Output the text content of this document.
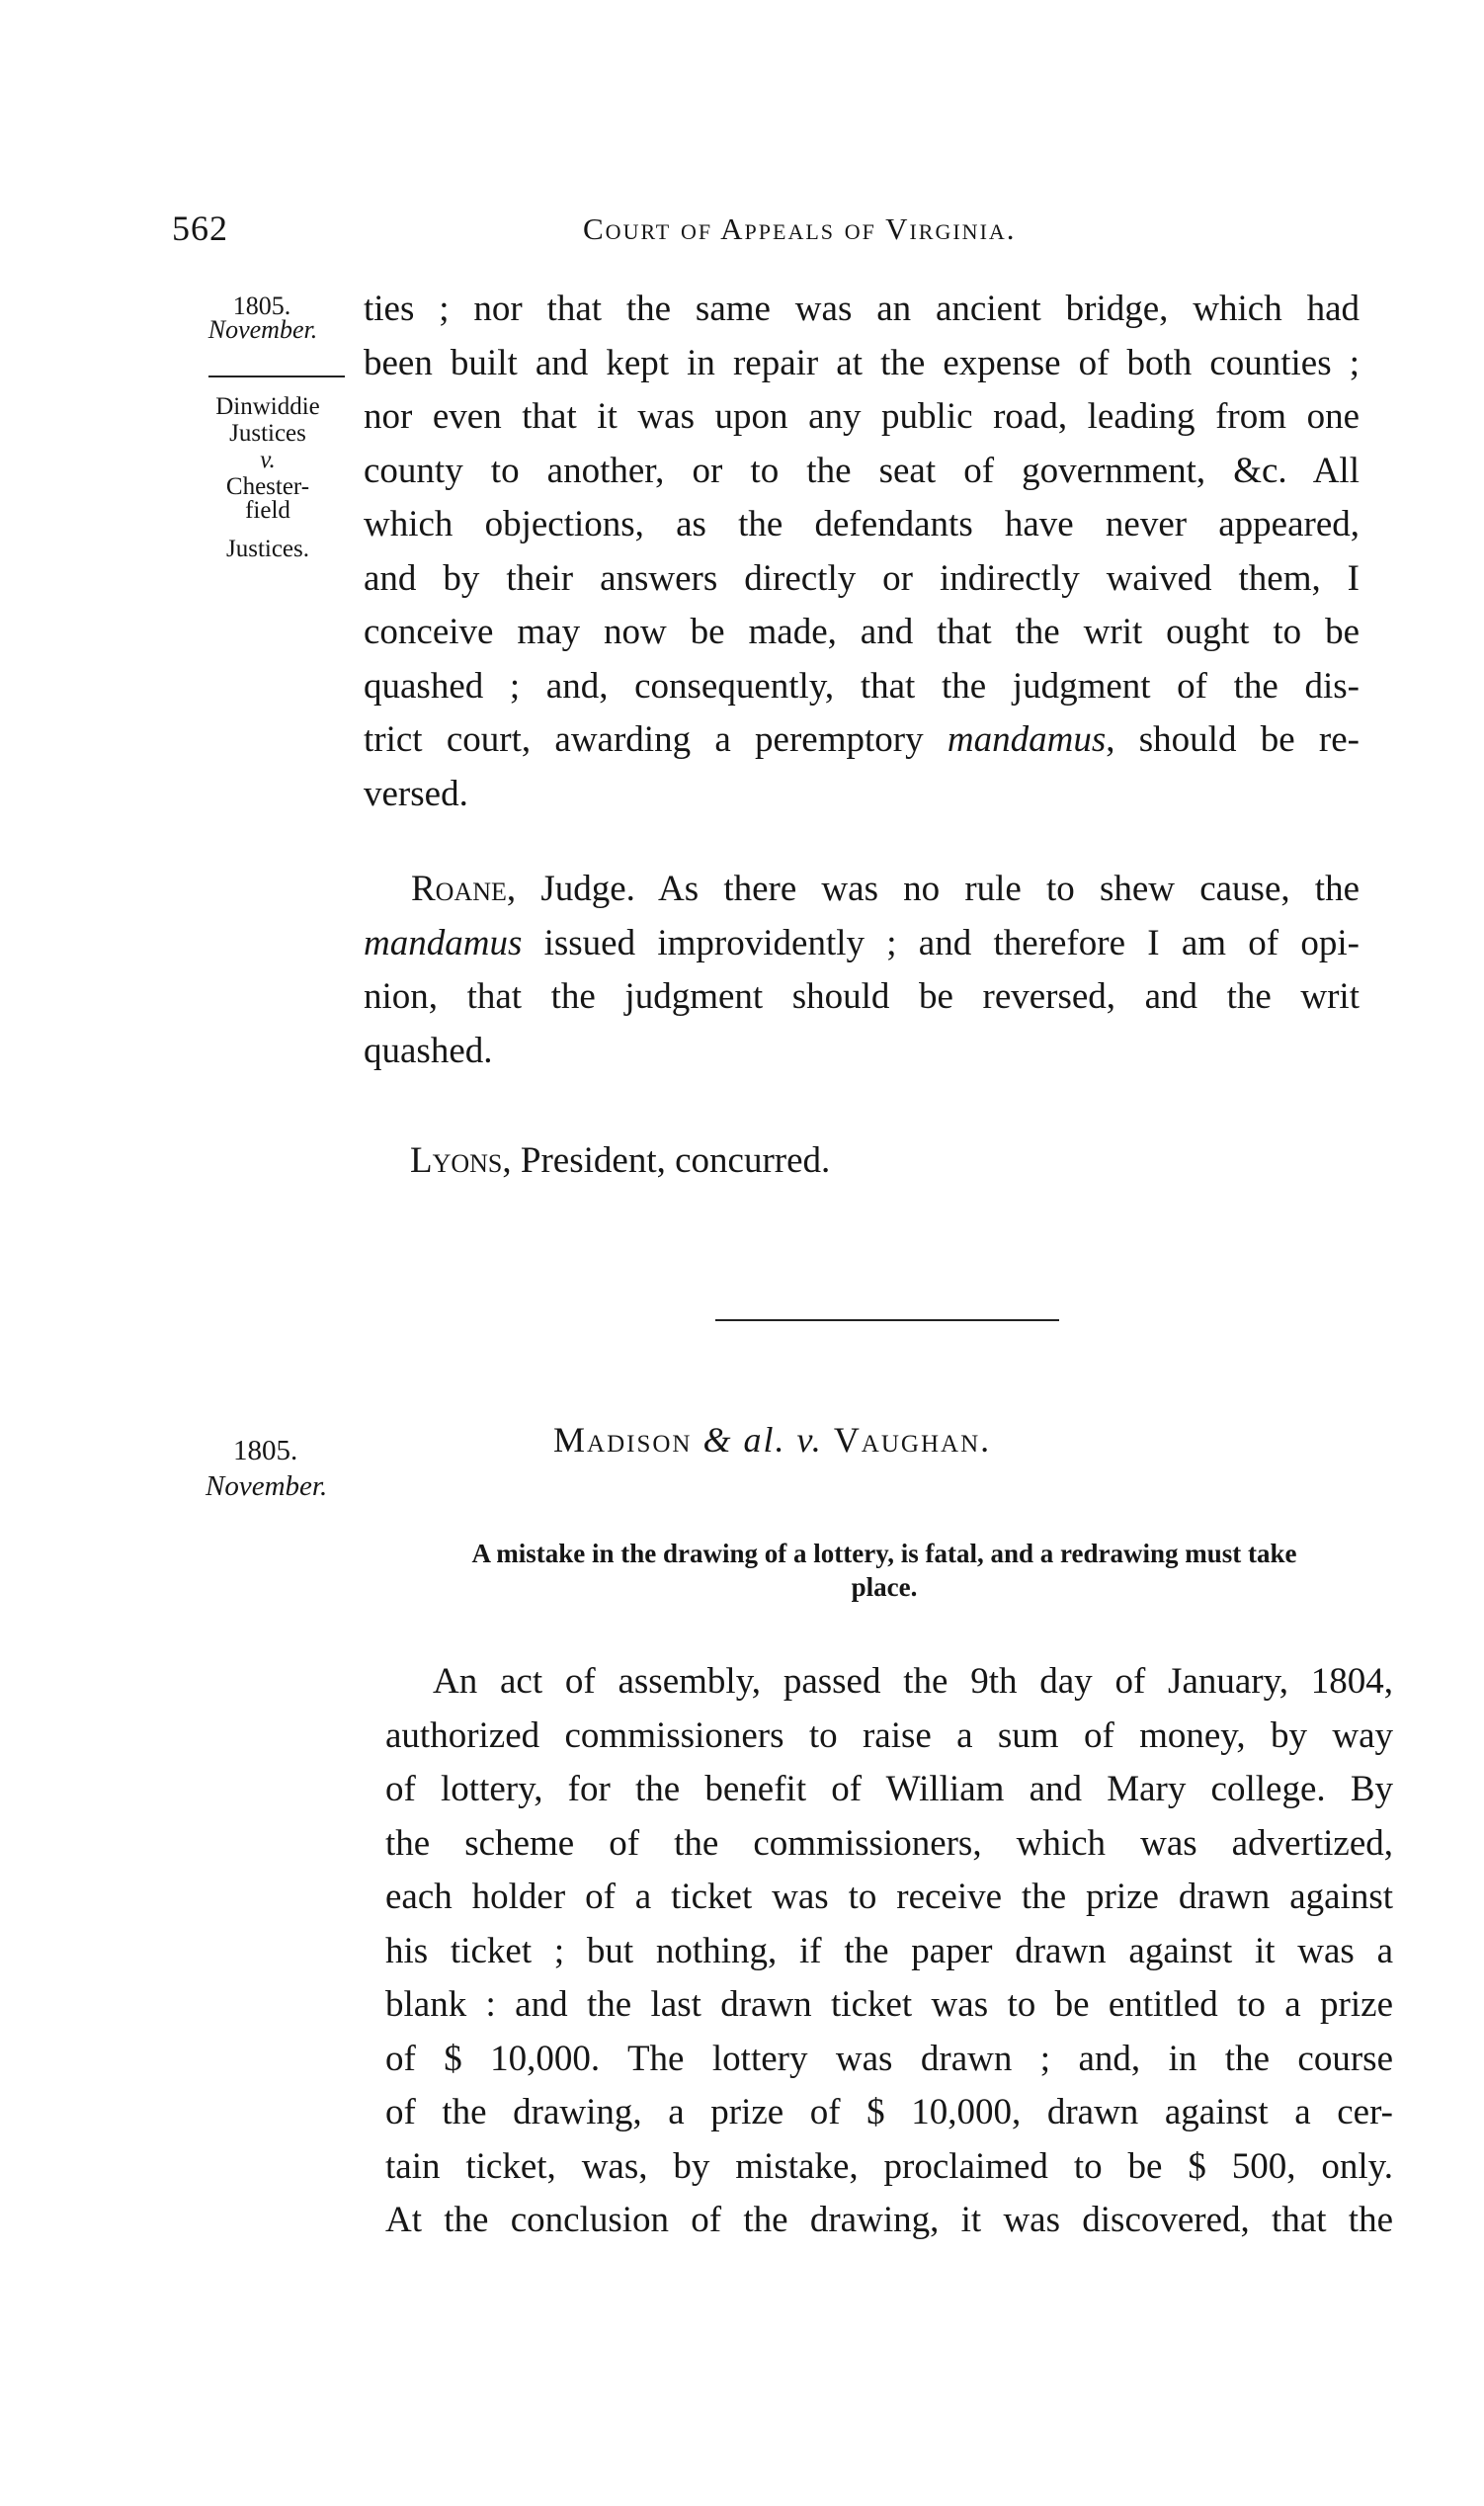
562	Court of Appeals of Virginia.
1805.
November.
Dinwiddie
Justices
v.
Chester-
field
Justices.
ties ; nor that the same was an ancient bridge, which had
been built and kept in repair at the expense of both counties ;
nor even that it was upon any public road, leading from one
county to another, or to the seat of government, &c. All
which objections, as the defendants have never appeared,
and by their answers directly or indirectly waived them, I
conceive may now be made, and that the writ ought to be
quashed ; and, consequently, that the judgment of the dis-
trict court, awarding a peremptory mandamus, should be re-
versed.
Roane, Judge. As there was no rule to shew cause, the
mandamus issued improvidently ; and therefore I am of opi-
nion, that the judgment should be reversed, and the writ
quashed.
Lyons, President, concurred.
1805.
November.
Madison & al. v. Vaughan.
A mistake in the drawing of a lottery, is fatal, and a redrawing must take
place.
An act of assembly, passed the 9th day of January, 1804,
authorized commissioners to raise a sum of money, by way
of lottery, for the benefit of William and Mary college. By
the scheme of the commissioners, which was advertized,
each holder of a ticket was to receive the prize drawn against
his ticket ; but nothing, if the paper drawn against it was a
blank : and the last drawn ticket was to be entitled to a prize
of $ 10,000. The lottery was drawn ; and, in the course
of the drawing, a prize of $ 10,000, drawn against a cer-
tain ticket, was, by mistake, proclaimed to be $ 500, only.
At the conclusion of the drawing, it was discovered, that the
